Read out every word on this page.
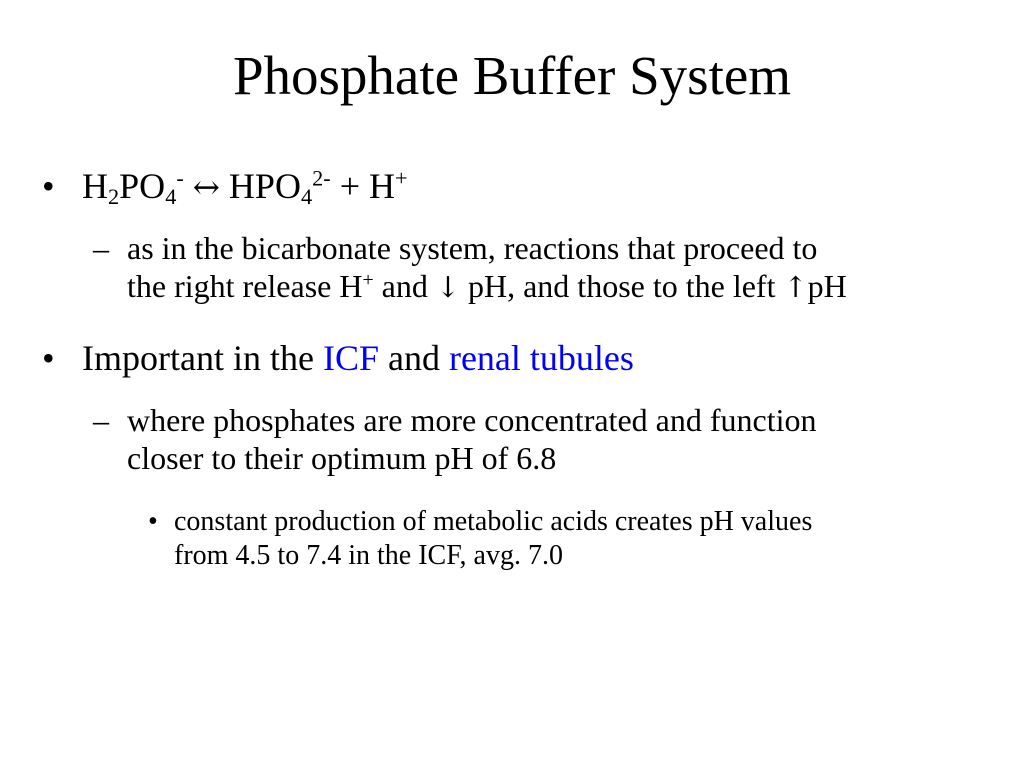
Phosphate Buffer System
• $H_2PO_4^-$ ↔ $HPO_4^{2-} + H^+$
– as in the bicarbonate system, reactions that proceed to
the right release H+ and ↓ pH, and those to the left ↑pH
• Important in the ICF and renal tubules
– where phosphates are more concentrated and function
closer to their optimum pH of 6.8
• constant production of metabolic acids creates pH values
from 4.5 to 7.4 in the ICF, avg. 7.0
